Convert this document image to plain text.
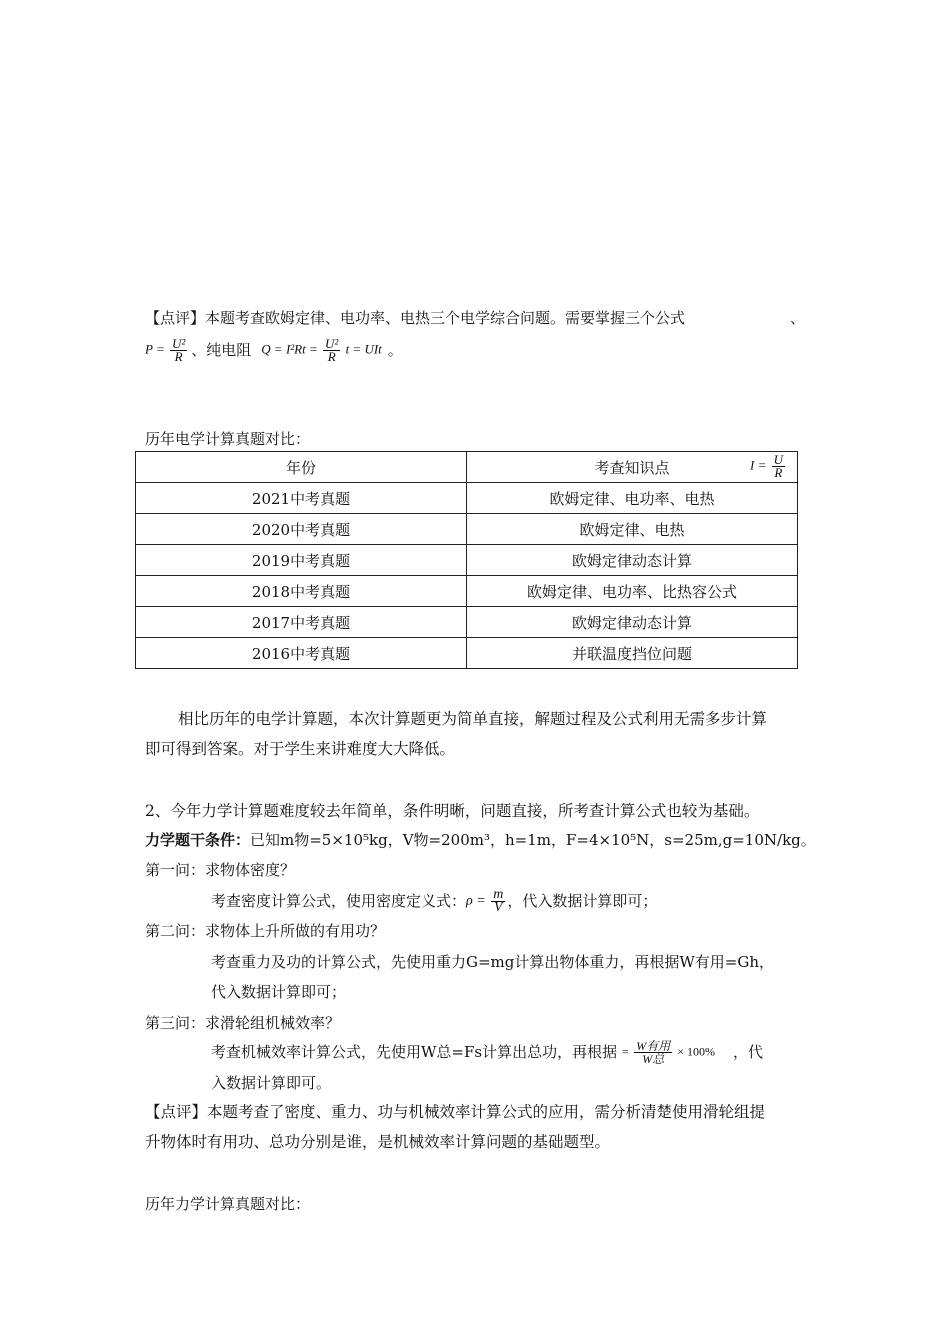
【点评】本题考查欧姆定律、电功率、电热三个电学综合问题。需要掌握三个公式	、
$P = \frac{\text{U²}}{R}$ 、纯电阻 $Q = I^2Rt = \frac{\text{U²}}{R}$ t = UIt 。
历年电学计算真题对比：
年份	考查知识点 $I = \frac{U}{R}$

2021中考真题	欧姆定律、电功率、电热
2020中考真题	欧姆定律、电热
2019中考真题	欧姆定律动态计算
2018中考真题	欧姆定律、电功率、比热容公式
2017中考真题	欧姆定律动态计算
2016中考真题	并联温度挡位问题
相比历年的电学计算题，本次计算题更为简单直接，解题过程及公式利用无需多步计算
即可得到答案。对于学生来讲难度大大降低。
2、今年力学计算题难度较去年简单，条件明晰，问题直接，所考查计算公式也较为基础。
力学题干条件：已知m物=5×10⁵kg，V物=200m³，h=1m，F=4×10⁵N，s=25m,g=10N/kg。
第一问：求物体密度？
考查密度计算公式，使用密度定义式： $\rho = \frac{m}{V}$ ，代入数据计算即可；
第二问：求物体上升所做的有用功？
考查重力及功的计算公式，先使用重力G=mg计算出物体重力，再根据W有用=Gh，
代入数据计算即可；
第三问：求滑轮组机械效率？
考查机械效率计算公式，先使用W总=Fs计算出总功，再根据 = $\frac{\text{W有用}}{\text{W总}} \times 100\%$ ，代
入数据计算即可。
【点评】本题考查了密度、重力、功与机械效率计算公式的应用，需分析清楚使用滑轮组提
升物体时有用功、总功分别是谁，是机械效率计算问题的基础题型。
历年力学计算真题对比：
